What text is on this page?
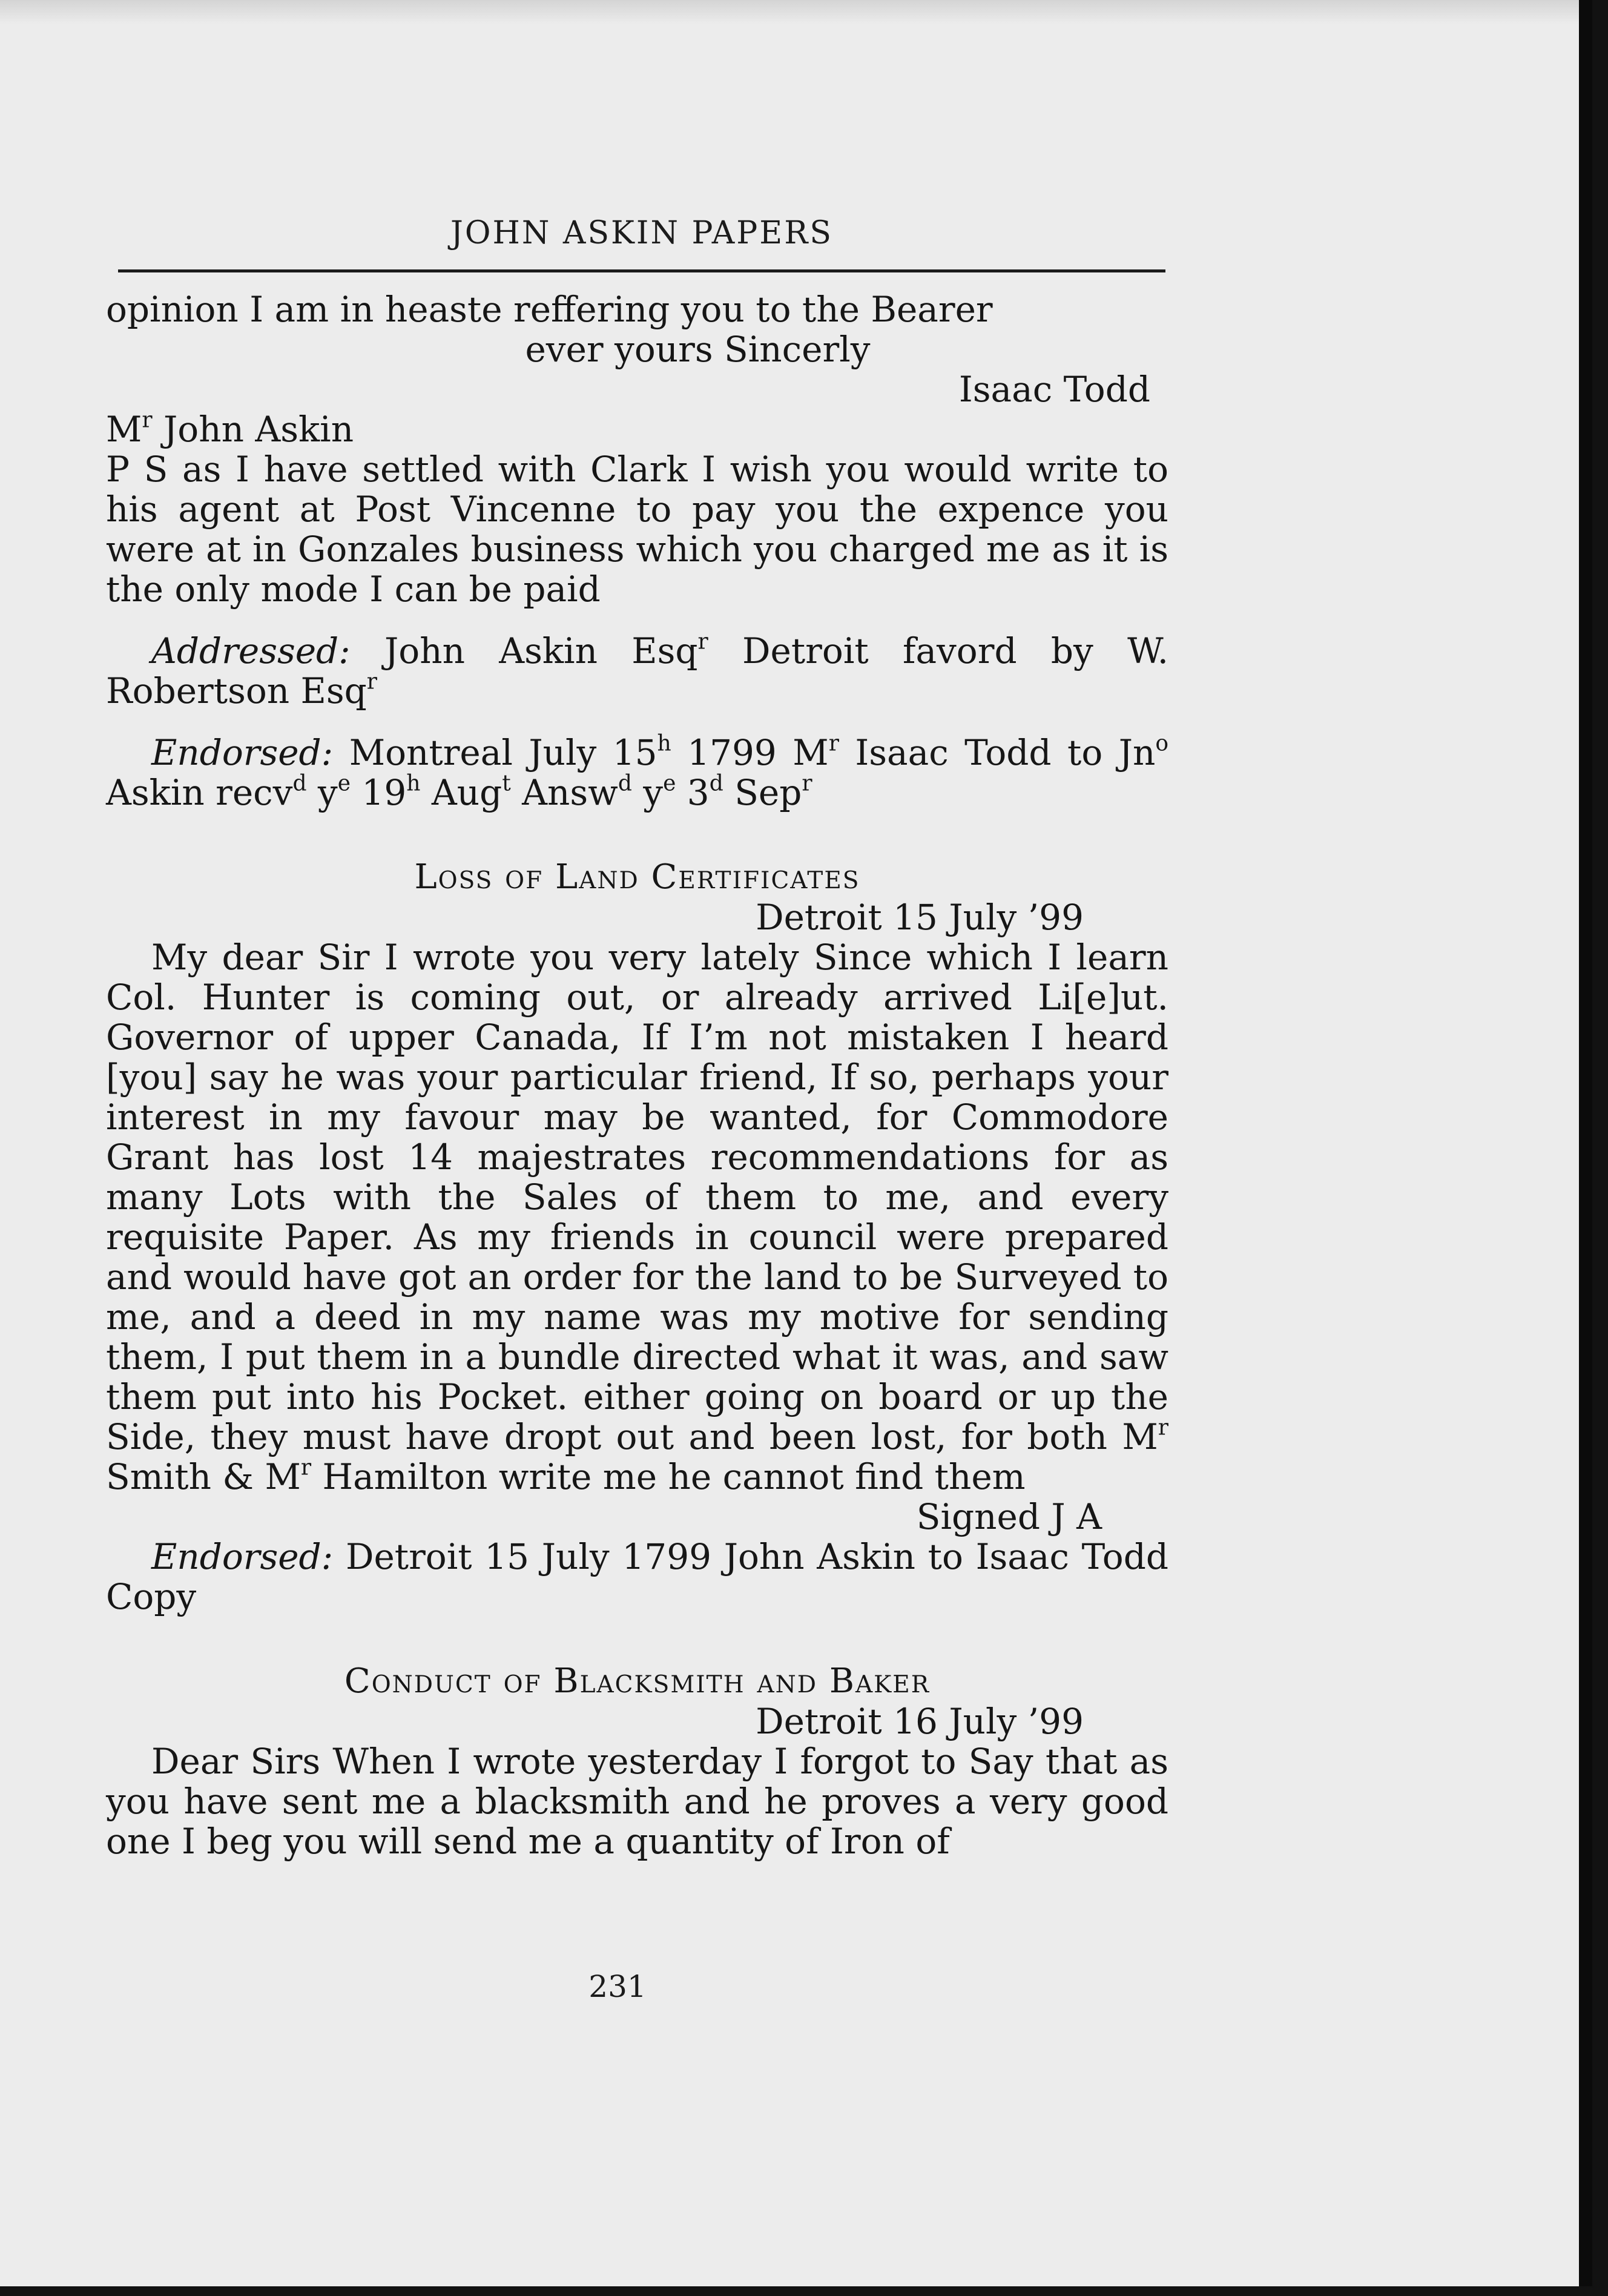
JOHN ASKIN PAPERS

opinion I am in heaste reffering you to the Bearer

ever yours Sincerly

Isaac Todd

$M^r$ John Askin

P S as I have settled with Clark I wish you would write to his agent at Post Vincenne to pay you the expence you were at in Gonzales business which you charged me as it is the only mode I can be paid

Addressed: John Askin Esq$^r$ Detroit favord by W. Robertson Esq$^r$

Endorsed: Montreal July 15$^h$ 1799 $M^r$ Isaac Todd to Jn$^o$ Askin recv$^d$ $y^e$ 19$^h$ Aug$^t$ Answ$^d$ $y^e$ 3$^d$ Sep$^r$

Loss of Land Certificates

Detroit 15 July ’99

My dear Sir I wrote you very lately Since which I learn Col. Hunter is coming out, or already arrived Li[e]ut. Governor of upper Canada, If I’m not mistaken I heard [you] say he was your particular friend, If so, perhaps your interest in my favour may be wanted, for Commodore Grant has lost 14 majestrates recommendations for as many Lots with the Sales of them to me, and every requisite Paper. As my friends in council were prepared and would have got an order for the land to be Surveyed to me, and a deed in my name was my motive for sending them, I put them in a bundle directed what it was, and saw them put into his Pocket. either going on board or up the Side, they must have dropt out and been lost, for both $M^r$ Smith & $M^r$ Hamilton write me he cannot find them

Signed J A

Endorsed: Detroit 15 July 1799 John Askin to Isaac Todd Copy

Conduct of Blacksmith and Baker

Detroit 16 July ’99

Dear Sirs When I wrote yesterday I forgot to Say that as you have sent me a blacksmith and he proves a very good one I beg you will send me a quantity of Iron of

231
